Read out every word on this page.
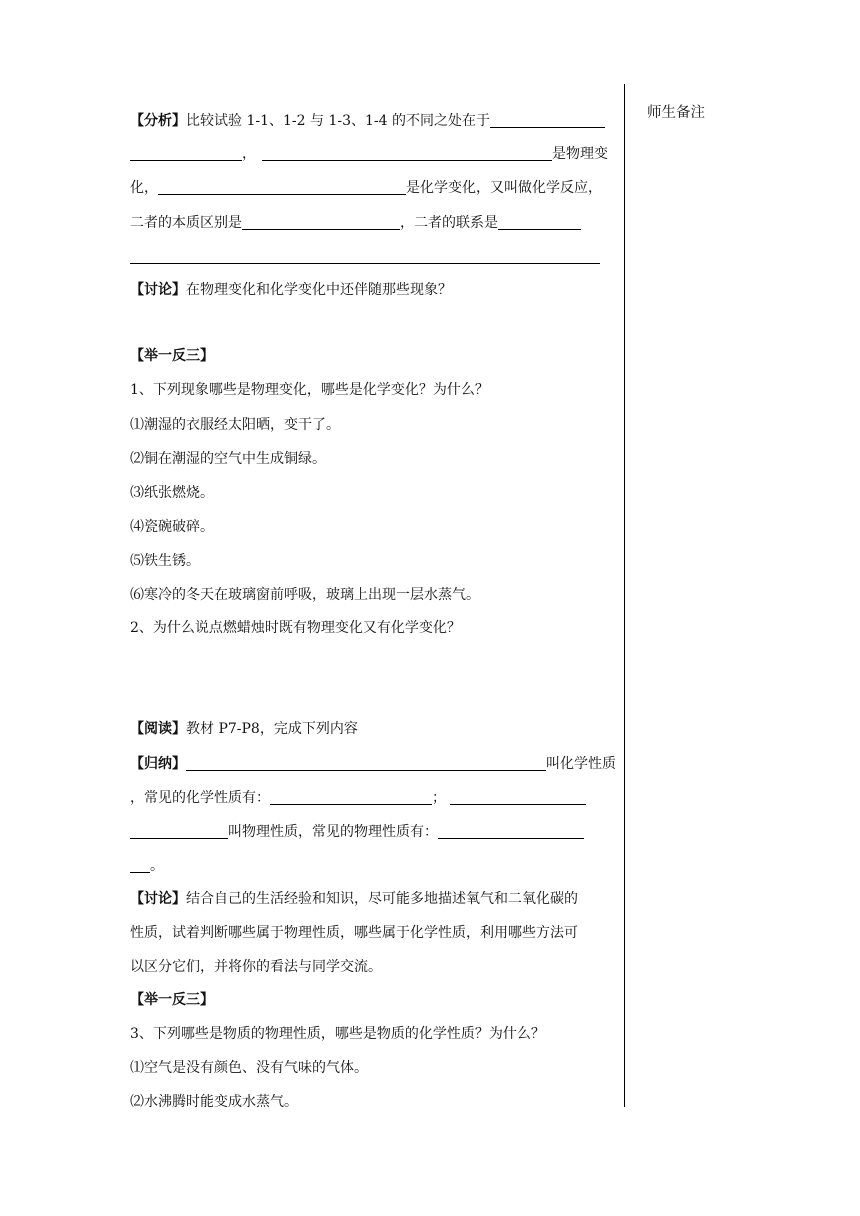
师生备注
【分析】比较试验 1-1、1-2 与 1-3、1-4 的不同之处在于
，	是物理变
化，	是化学变化，又叫做化学反应，
二者的本质区别是	，二者的联系是
【讨论】在物理变化和化学变化中还伴随那些现象？
【举一反三】
1、下列现象哪些是物理变化，哪些是化学变化？为什么？
⑴潮湿的衣服经太阳晒，变干了。
⑵铜在潮湿的空气中生成铜绿。
⑶纸张燃烧。
⑷瓷碗破碎。
⑸铁生锈。
⑹寒冷的冬天在玻璃窗前呼吸，玻璃上出现一层水蒸气。
2、为什么说点燃蜡烛时既有物理变化又有化学变化？
【阅读】教材 P7-P8，完成下列内容
【归纳】	叫化学性质
，常见的化学性质有：	；
叫物理性质，常见的物理性质有：
。
【讨论】结合自己的生活经验和知识，尽可能多地描述氧气和二氧化碳的
性质，试着判断哪些属于物理性质，哪些属于化学性质，利用哪些方法可
以区分它们，并将你的看法与同学交流。
【举一反三】
3、下列哪些是物质的物理性质，哪些是物质的化学性质？为什么？
⑴空气是没有颜色、没有气味的气体。
⑵水沸腾时能变成水蒸气。
